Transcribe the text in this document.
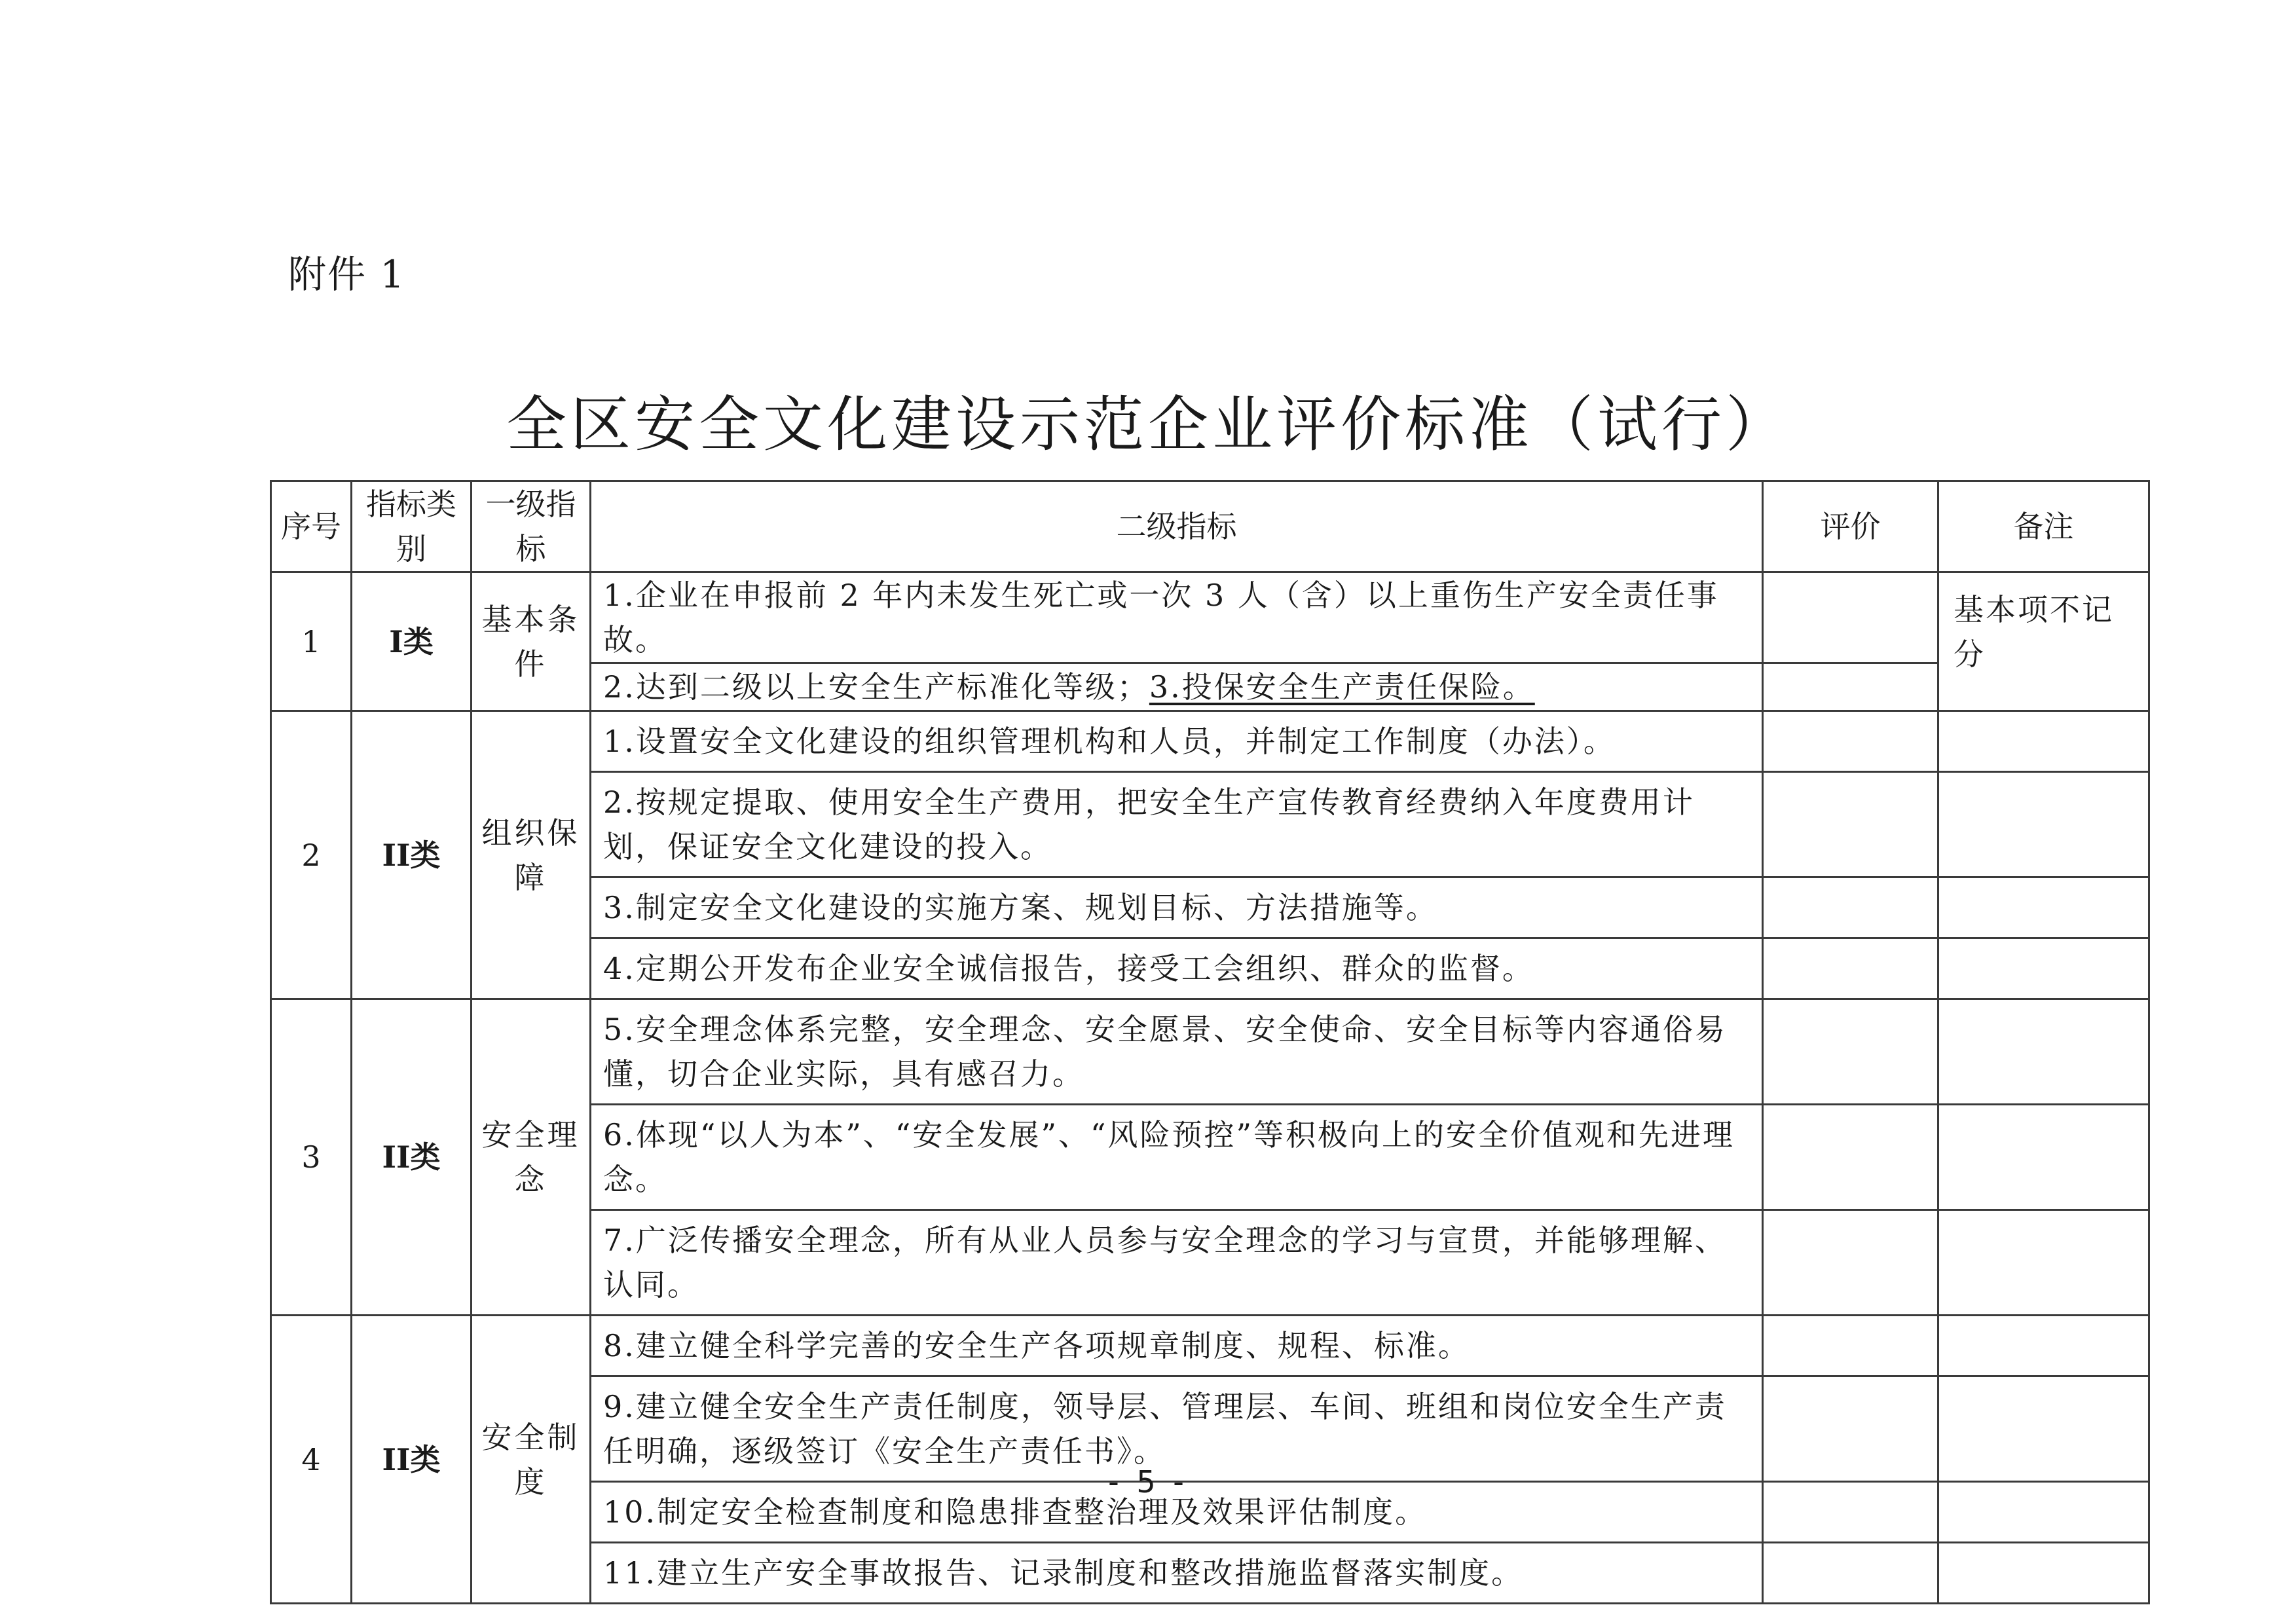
附件 1
全区安全文化建设示范企业评价标准（试行）
序号	指标类别	一级指标	二级指标	评价	备注
1	I类	基本条件	1.企业在申报前 2 年内未发生死亡或一次 3 人（含）以上重伤生产安全责任事故。		基本项不记分
			2.达到二级以上安全生产标准化等级；3.投保安全生产责任保险。		
2	II类	组织保障	1.设置安全文化建设的组织管理机构和人员，并制定工作制度（办法）。		
			2.按规定提取、使用安全生产费用，把安全生产宣传教育经费纳入年度费用计划，保证安全文化建设的投入。		
			3.制定安全文化建设的实施方案、规划目标、方法措施等。		
			4.定期公开发布企业安全诚信报告，接受工会组织、群众的监督。		
3	II类	安全理念	5.安全理念体系完整，安全理念、安全愿景、安全使命、安全目标等内容通俗易懂，切合企业实际，具有感召力。		
			6.体现“以人为本”、“安全发展”、“风险预控”等积极向上的安全价值观和先进理念。		
			7.广泛传播安全理念，所有从业人员参与安全理念的学习与宣贯，并能够理解、认同。		
4	II类	安全制度	8.建立健全科学完善的安全生产各项规章制度、规程、标准。		
			9.建立健全安全生产责任制度，领导层、管理层、车间、班组和岗位安全生产责任明确，逐级签订《安全生产责任书》。		
			10.制定安全检查制度和隐患排查整治理及效果评估制度。		
			11.建立生产安全事故报告、记录制度和整改措施监督落实制度。		
- 5 -
